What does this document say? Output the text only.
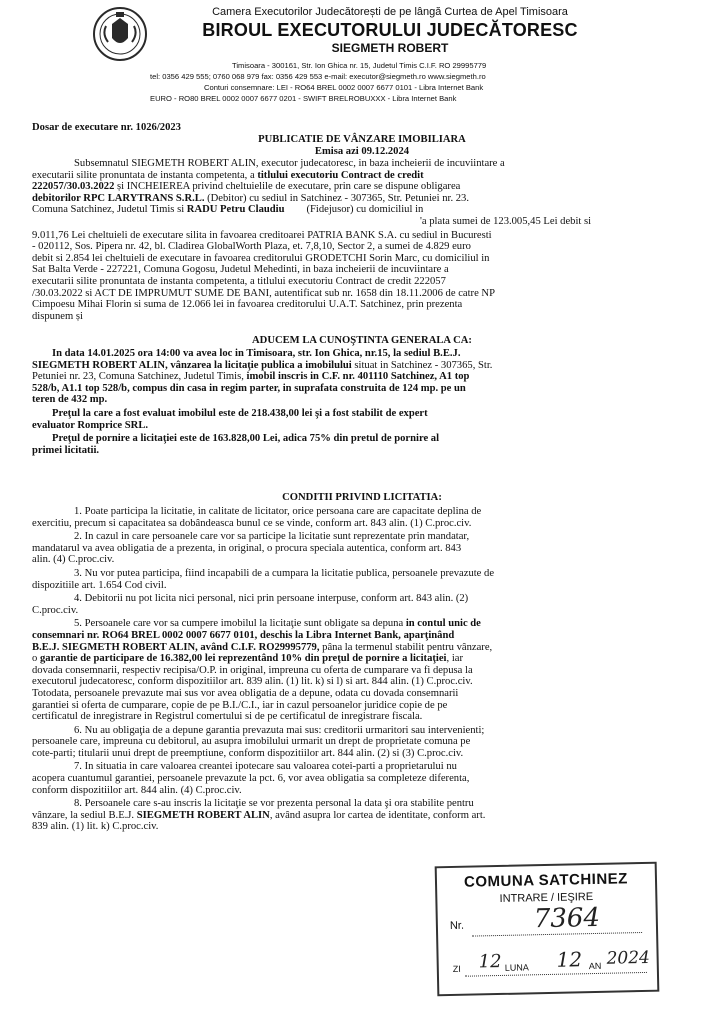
Camera Executorilor Judecătorești de pe lângă Curtea de Apel Timisoara
BIROUL EXECUTORULUI JUDECĂTORESC
SIEGMETH ROBERT
Timisoara - 300161, Str. Ion Ghica nr. 15, Judetul Timis C.I.F. RO 29995779
tel: 0356 429 555; 0760 068 979 fax: 0356 429 553 e-mail: executor@siegmeth.ro www.siegmeth.ro
Conturi consemnare: LEI - RO64 BREL 0002 0007 6677 0101 - Libra Internet Bank
EURO - RO80 BREL 0002 0007 6677 0201 - SWIFT BRELROBUXXX - Libra Internet Bank
Dosar de executare nr. 1026/2023
PUBLICATIE DE VÂNZARE IMOBILIARA
Emisa azi 09.12.2024
Subsemnatul SIEGMETH ROBERT ALIN, executor judecatoresc, in baza incheierii de incuviintare a
executarii silite pronuntata de instanta competenta, a titlului executoriu Contract de credit
222057/30.03.2022 și INCHEIEREA privind cheltuielile de executare, prin care se dispune obligarea
debitorilor RPC LARYTRANS S.R.L. (Debitor) cu sediul in Satchinez - 307365, Str. Petuniei nr. 23.
Comuna Satchinez, Judetul Timis si RADU Petru Claudiu (Fidejusor) cu domiciliul in
'a plata sumei de 123.005,45 Lei debit si
9.011,76 Lei cheltuieli de executare silita in favoarea creditoarei PATRIA BANK S.A. cu sediul in Bucuresti
- 020112, Sos. Pipera nr. 42, bl. Cladirea GlobalWorth Plaza, et. 7,8,10, Sector 2, a sumei de 4.829 euro
debit si 2.854 lei cheltuieli de executare in favoarea creditorului GRODETCHI Sorin Marc, cu domiciliul in
Sat Balta Verde - 227221, Comuna Gogosu, Judetul Mehedinti, in baza incheierii de incuviintare a
executarii silite pronuntata de instanta competenta, a titlului executoriu Contract de credit 222057
/30.03.2022 si ACT DE IMPRUMUT SUME DE BANI, autentificat sub nr. 1658 din 18.11.2006 de catre NP
Cimpoesu Mihai Florin si suma de 12.066 lei in favoarea creditorului U.A.T. Satchinez, prin prezenta
dispunem și
ADUCEM LA CUNOŞTINTA GENERALA CA:
In data 14.01.2025 ora 14:00 va avea loc in Timisoara, str. Ion Ghica, nr.15, la sediul B.E.J.
SIEGMETH ROBERT ALIN, vânzarea la licitaţie publica a imobilului situat in Satchinez - 307365, Str.
Petuniei nr. 23, Comuna Satchinez, Judetul Timis, imobil inscris in C.F. nr. 401110 Satchinez, A1 top
528/b, A1.1 top 528/b, compus din casa in regim parter, in suprafata construita de 124 mp. pe un
teren de 432 mp.
Preţul la care a fost evaluat imobilul este de 218.438,00 lei şi a fost stabilit de expert
evaluator Romprice SRL.
Preţul de pornire a licitaţiei este de 163.828,00 Lei, adica 75% din pretul de pornire al
primei licitatii.
CONDITII PRIVIND LICITATIA:
1. Poate participa la licitatie, in calitate de licitator, orice persoana care are capacitate deplina de
exercitiu, precum si capacitatea sa dobândeasca bunul ce se vinde, conform art. 843 alin. (1) C.proc.civ.
2. In cazul in care persoanele care vor sa participe la licitatie sunt reprezentate prin mandatar,
mandatarul va avea obligatia de a prezenta, in original, o procura speciala autentica, conform art. 843
alin. (4) C.proc.civ.
3. Nu vor putea participa, fiind incapabili de a cumpara la licitatie publica, persoanele prevazute de
dispozitiile art. 1.654 Cod civil.
4. Debitorii nu pot licita nici personal, nici prin persoane interpuse, conform art. 843 alin. (2)
C.proc.civ.
5. Persoanele care vor sa cumpere imobilul la licitaţie sunt obligate sa depuna in contul unic de
consemnari nr. RO64 BREL 0002 0007 6677 0101, deschis la Libra Internet Bank, aparţinând
B.E.J. SIEGMETH ROBERT ALIN, având C.I.F. RO29995779, pâna la termenul stabilit pentru vânzare,
o garantie de participare de 16.382,00 lei reprezentând 10% din preţul de pornire a licitaţiei, iar
dovada consemnarii, respectiv recipisa/O.P. in original, impreuna cu oferta de cumparare va fi depusa la
executorul judecatoresc, conform dispozitiilor art. 839 alin. (1) lit. k) si l) si art. 844 alin. (1) C.proc.civ.
Totodata, persoanele prevazute mai sus vor avea obligatia de a depune, odata cu dovada consemnarii
garantiei si oferta de cumparare, copie de pe B.I./C.I., iar in cazul persoanelor juridice copie de pe
certificatul de inregistrare in Registrul comertului si de pe certificatul de inregistrare fiscala.
6. Nu au obligaţia de a depune garantia prevazuta mai sus: creditorii urmaritori sau intervenienti;
persoanele care, impreuna cu debitorul, au asupra imobilului urmarit un drept de proprietate comuna pe
cote-parti; titularii unui drept de preemptiune, conform dispozitiilor art. 844 alin. (2) si (3) C.proc.civ.
7. In situatia in care valoarea creantei ipotecare sau valoarea cotei-parti a proprietarului nu
acopera cuantumul garantiei, persoanele prevazute la pct. 6, vor avea obligatia sa completeze diferenta,
conform dispozitiilor art. 844 alin. (4) C.proc.civ.
8. Persoanele care s-au inscris la licitaţie se vor prezenta personal la data şi ora stabilite pentru
vânzare, la sediul B.E.J. SIEGMETH ROBERT ALIN, având asupra lor cartea de identitate, conform art.
839 alin. (1) lit. k) C.proc.civ.
COMUNA SATCHINEZ
INTRARE / IEŞIRE
Nr.	7364
ZI 12 LUNA 12 AN 2024
